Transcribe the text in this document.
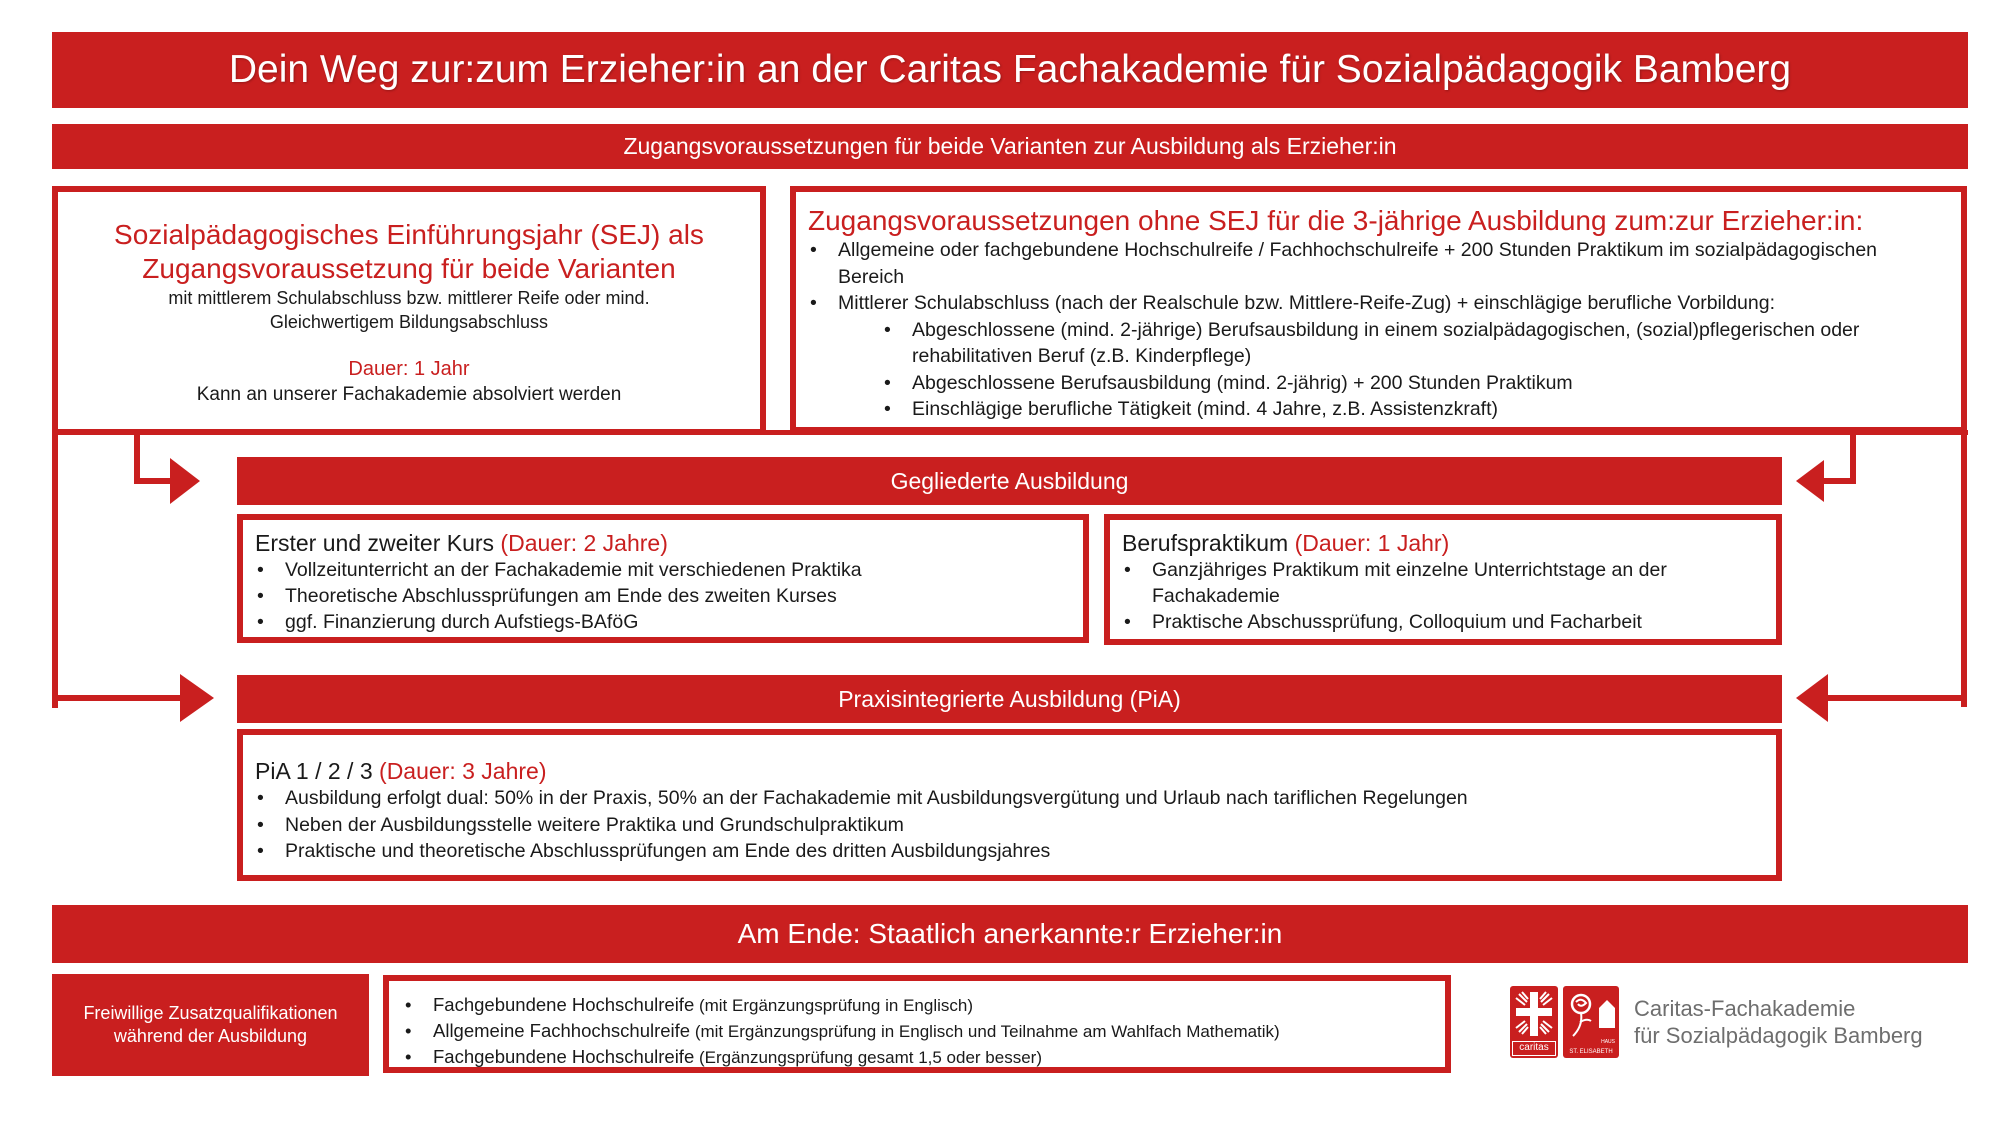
Dein Weg zur:zum Erzieher:in an der Caritas Fachakademie für Sozialpädagogik Bamberg
Zugangsvoraussetzungen für beide Varianten zur Ausbildung als Erzieher:in
Sozialpädagogisches Einführungsjahr (SEJ) als
Zugangsvoraussetzung für beide Varianten
mit mittlerem Schulabschluss bzw. mittlerer Reife oder mind.
Gleichwertigem Bildungsabschluss
Dauer: 1 Jahr
Kann an unserer Fachakademie absolviert werden
Zugangsvoraussetzungen ohne SEJ für die 3-jährige Ausbildung zum:zur Erzieher:in:
• Allgemeine oder fachgebundene Hochschulreife / Fachhochschulreife + 200 Stunden Praktikum im sozialpädagogischen Bereich
• Mittlerer Schulabschluss (nach der Realschule bzw. Mittlere-Reife-Zug) + einschlägige berufliche Vorbildung:
• Abgeschlossene (mind. 2-jährige) Berufsausbildung in einem sozialpädagogischen, (sozial)pflegerischen oder rehabilitativen Beruf (z.B. Kinderpflege)
• Abgeschlossene Berufsausbildung (mind. 2-jährig) + 200 Stunden Praktikum
• Einschlägige berufliche Tätigkeit (mind. 4 Jahre, z.B. Assistenzkraft)
Gegliederte Ausbildung
Erster und zweiter Kurs (Dauer: 2 Jahre)
• Vollzeitunterricht an der Fachakademie mit verschiedenen Praktika
• Theoretische Abschlussprüfungen am Ende des zweiten Kurses
• ggf. Finanzierung durch Aufstiegs-BAföG
Berufspraktikum (Dauer: 1 Jahr)
• Ganzjähriges Praktikum mit einzelne Unterrichtstage an der Fachakademie
• Praktische Abschussprüfung, Colloquium und Facharbeit
Praxisintegrierte Ausbildung (PiA)
PiA 1 / 2 / 3 (Dauer: 3 Jahre)
• Ausbildung erfolgt dual: 50% in der Praxis, 50% an der Fachakademie mit Ausbildungsvergütung und Urlaub nach tariflichen Regelungen
• Neben der Ausbildungsstelle weitere Praktika und Grundschulpraktikum
• Praktische und theoretische Abschlussprüfungen am Ende des dritten Ausbildungsjahres
Am Ende: Staatlich anerkannte:r Erzieher:in
Freiwillige Zusatzqualifikationen
während der Ausbildung
• Fachgebundene Hochschulreife (mit Ergänzungsprüfung in Englisch)
• Allgemeine Fachhochschulreife (mit Ergänzungsprüfung in Englisch und Teilnahme am Wahlfach Mathematik)
• Fachgebundene Hochschulreife (Ergänzungsprüfung gesamt 1,5 oder besser)
caritas	HAUS
ST. ELISABETH
Caritas-Fachakademie
für Sozialpädagogik Bamberg
